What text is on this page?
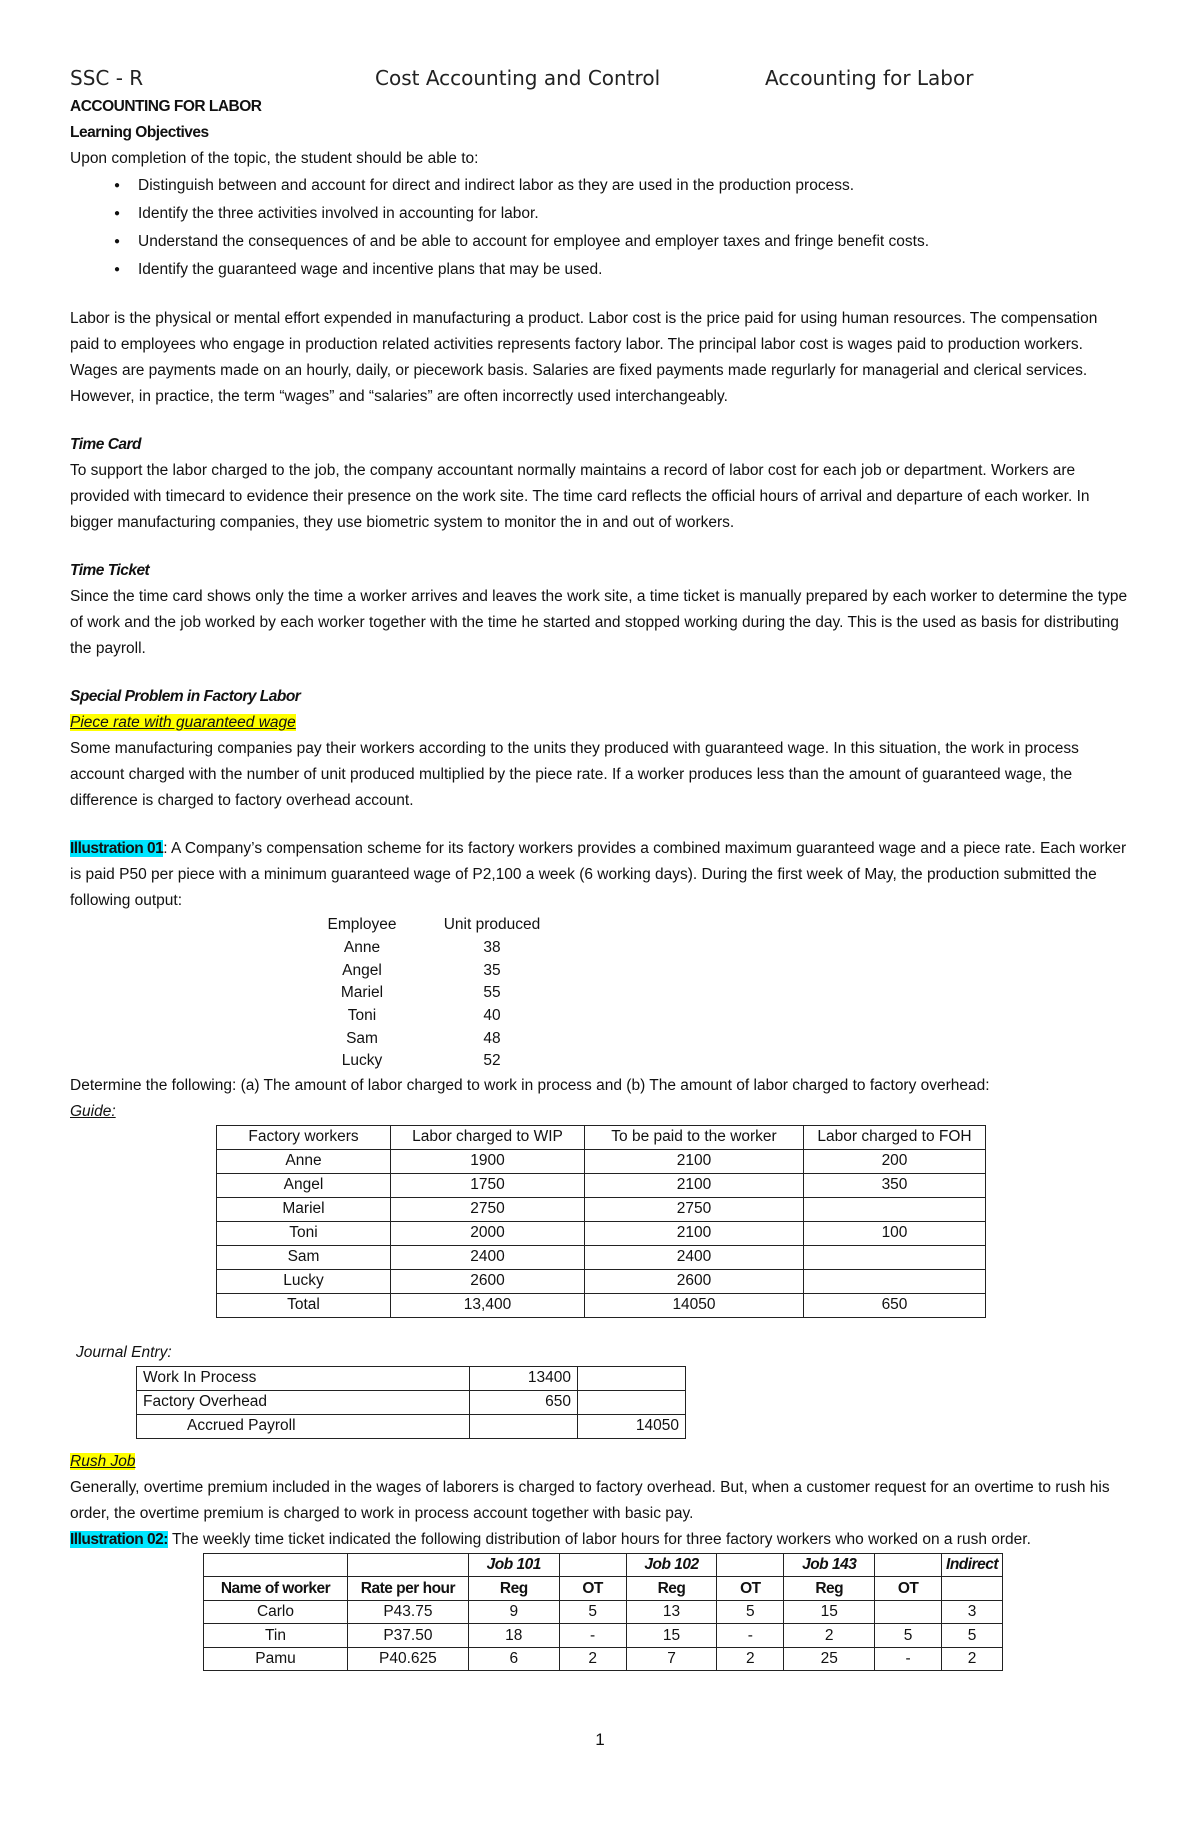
SSC - R	Cost Accounting and Control	Accounting for Labor
ACCOUNTING FOR LABOR
Learning Objectives
Upon completion of the topic, the student should be able to:
● Distinguish between and account for direct and indirect labor as they are used in the production process.
● Identify the three activities involved in accounting for labor.
● Understand the consequences of and be able to account for employee and employer taxes and fringe benefit costs.
● Identify the guaranteed wage and incentive plans that may be used.

Labor is the physical or mental effort expended in manufacturing a product. Labor cost is the price paid for using human resources. The compensation paid to employees who engage in production related activities represents factory labor. The principal labor cost is wages paid to production workers. Wages are payments made on an hourly, daily, or piecework basis. Salaries are fixed payments made regurlarly for managerial and clerical services. However, in practice, the term “wages” and “salaries” are often incorrectly used interchangeably.

Time Card

To support the labor charged to the job, the company accountant normally maintains a record of labor cost for each job or department. Workers are provided with timecard to evidence their presence on the work site. The time card reflects the official hours of arrival and departure of each worker. In bigger manufacturing companies, they use biometric system to monitor the in and out of workers.

Time Ticket

Since the time card shows only the time a worker arrives and leaves the work site, a time ticket is manually prepared by each worker to determine the type of work and the job worked by each worker together with the time he started and stopped working during the day. This is the used as basis for distributing the payroll.

Special Problem in Factory Labor
Piece rate with guaranteed wage

Some manufacturing companies pay their workers according to the units they produced with guaranteed wage. In this situation, the work in process account charged with the number of unit produced multiplied by the piece rate. If a worker produces less than the amount of guaranteed wage, the difference is charged to factory overhead account.

Illustration 01: A Company’s compensation scheme for its factory workers provides a combined maximum guaranteed wage and a piece rate. Each worker is paid P50 per piece with a minimum guaranteed wage of P2,100 a week (6 working days). During the first week of May, the production submitted the following output:

Employee	Unit produced
Anne	38
Angel	35
Mariel	55
Toni	40
Sam	48
Lucky	52
Determine the following: (a) The amount of labor charged to work in process and (b) The amount of labor charged to factory overhead:
Guide:
Factory workers	Labor charged to WIP	To be paid to the worker	Labor charged to FOH
Anne	1900	2100	200
Angel	1750	2100	350
Mariel	2750	2750	
Toni	2000	2100	100
Sam	2400	2400	
Lucky	2600	2600	
Total	13,400	14050	650
Journal Entry:
Work In Process	13400	
Factory Overhead	650	
Accrued Payroll		14050
Rush Job

Generally, overtime premium included in the wages of laborers is charged to factory overhead. But, when a customer request for an overtime to rush his order, the overtime premium is charged to work in process account together with basic pay.

Illustration 02: The weekly time ticket indicated the following distribution of labor hours for three factory workers who worked on a rush order.

		Job 101		Job 102		Job 143		Indirect
Name of worker	Rate per hour	Reg	OT	Reg	OT	Reg	OT	
Carlo	P43.75	9	5	13	5	15		3
Tin	P37.50	18	-	15	-	2	5	5
Pamu	P40.625	6	2	7	2	25	-	2
1
